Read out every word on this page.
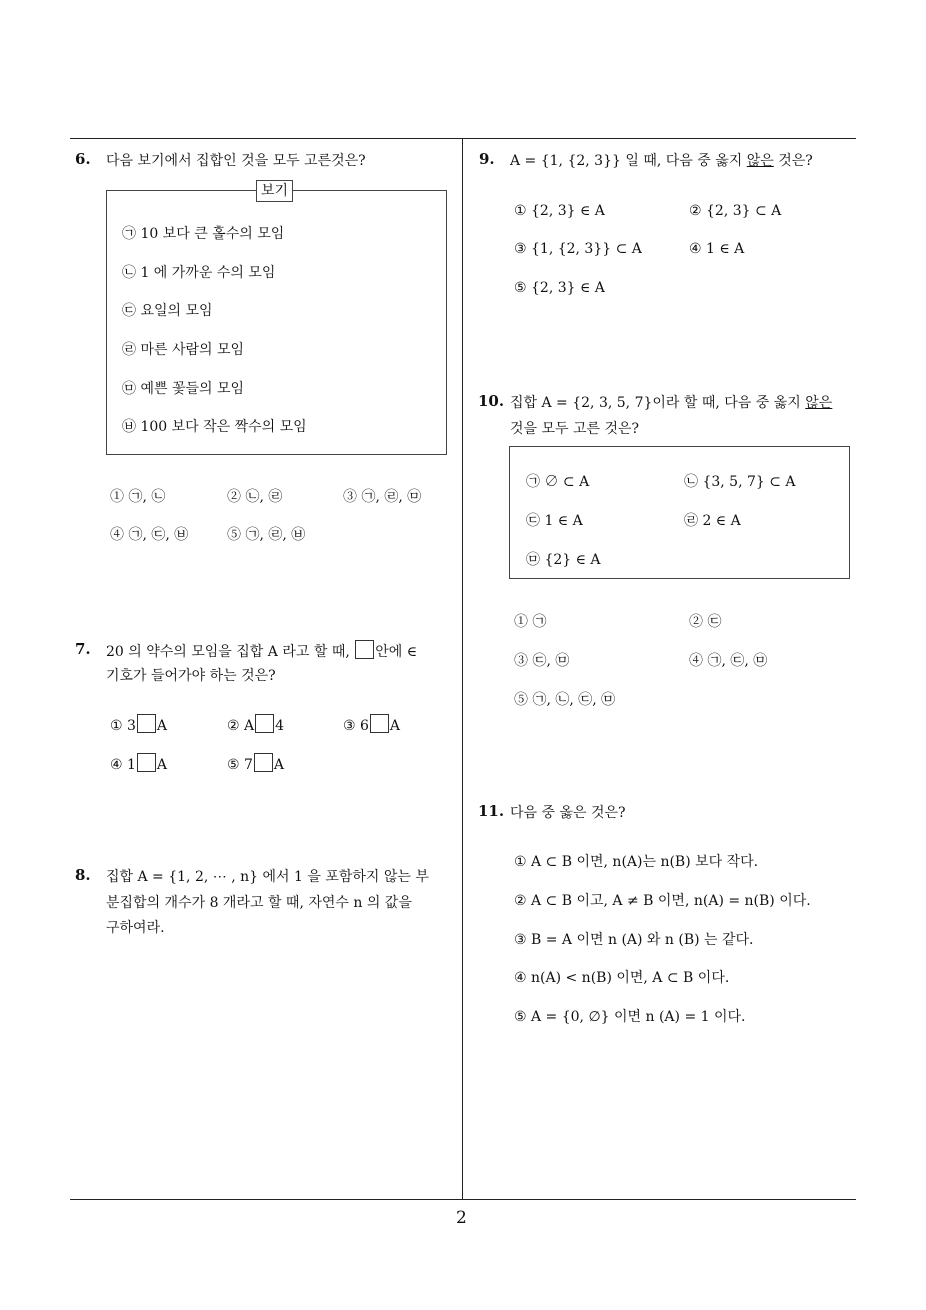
6. 다음 보기에서 집합인 것을 모두 고른것은?
보기
㉠ 10 보다 큰 홀수의 모임
㉡ 1 에 가까운 수의 모임
㉢ 요일의 모임
㉣ 마른 사람의 모임
㉤ 예쁜 꽃들의 모임
㉥ 100 보다 작은 짝수의 모임
① ㉠, ㉡	② ㉡, ㉣	③ ㉠, ㉣, ㉤
④ ㉠, ㉢, ㉥	⑤ ㉠, ㉣, ㉥
7. 20 의 약수의 모임을 집합 A 라고 할 때, 안에 ∈
기호가 들어가야 하는 것은?
① 3 A	② A 4	③ 6 A
④ 1 A	⑤ 7 A
8. 집합 A = {1, 2, ⋯ , n} 에서 1 을 포함하지 않는 부
분집합의 개수가 8 개라고 할 때, 자연수 n 의 값을
구하여라.
9. A = {1, {2, 3}} 일 때, 다음 중 옳지 않은 것은?
① {2, 3} ∈ A	② {2, 3} ⊂ A
③ {1, {2, 3}} ⊂ A	④ 1 ∈ A
⑤ {2, 3} ∈ A
10. 집합 A = {2, 3, 5, 7}이라 할 때, 다음 중 옳지 않은
것을 모두 고른 것은?
㉠ ∅ ⊂ A	㉡ {3, 5, 7} ⊂ A
㉢ 1 ∈ A	㉣ 2 ∈ A
㉤ {2} ∈ A
① ㉠	② ㉢
③ ㉢, ㉤	④ ㉠, ㉢, ㉤
⑤ ㉠, ㉡, ㉢, ㉤
11. 다음 중 옳은 것은?
① A ⊂ B 이면, n(A)는 n(B) 보다 작다.
② A ⊂ B 이고, A ≠ B 이면, n(A) = n(B) 이다.
③ B = A 이면 n (A) 와 n (B) 는 같다.
④ n(A) < n(B) 이면, A ⊂ B 이다.
⑤ A = {0, ∅} 이면 n (A) = 1 이다.
2
